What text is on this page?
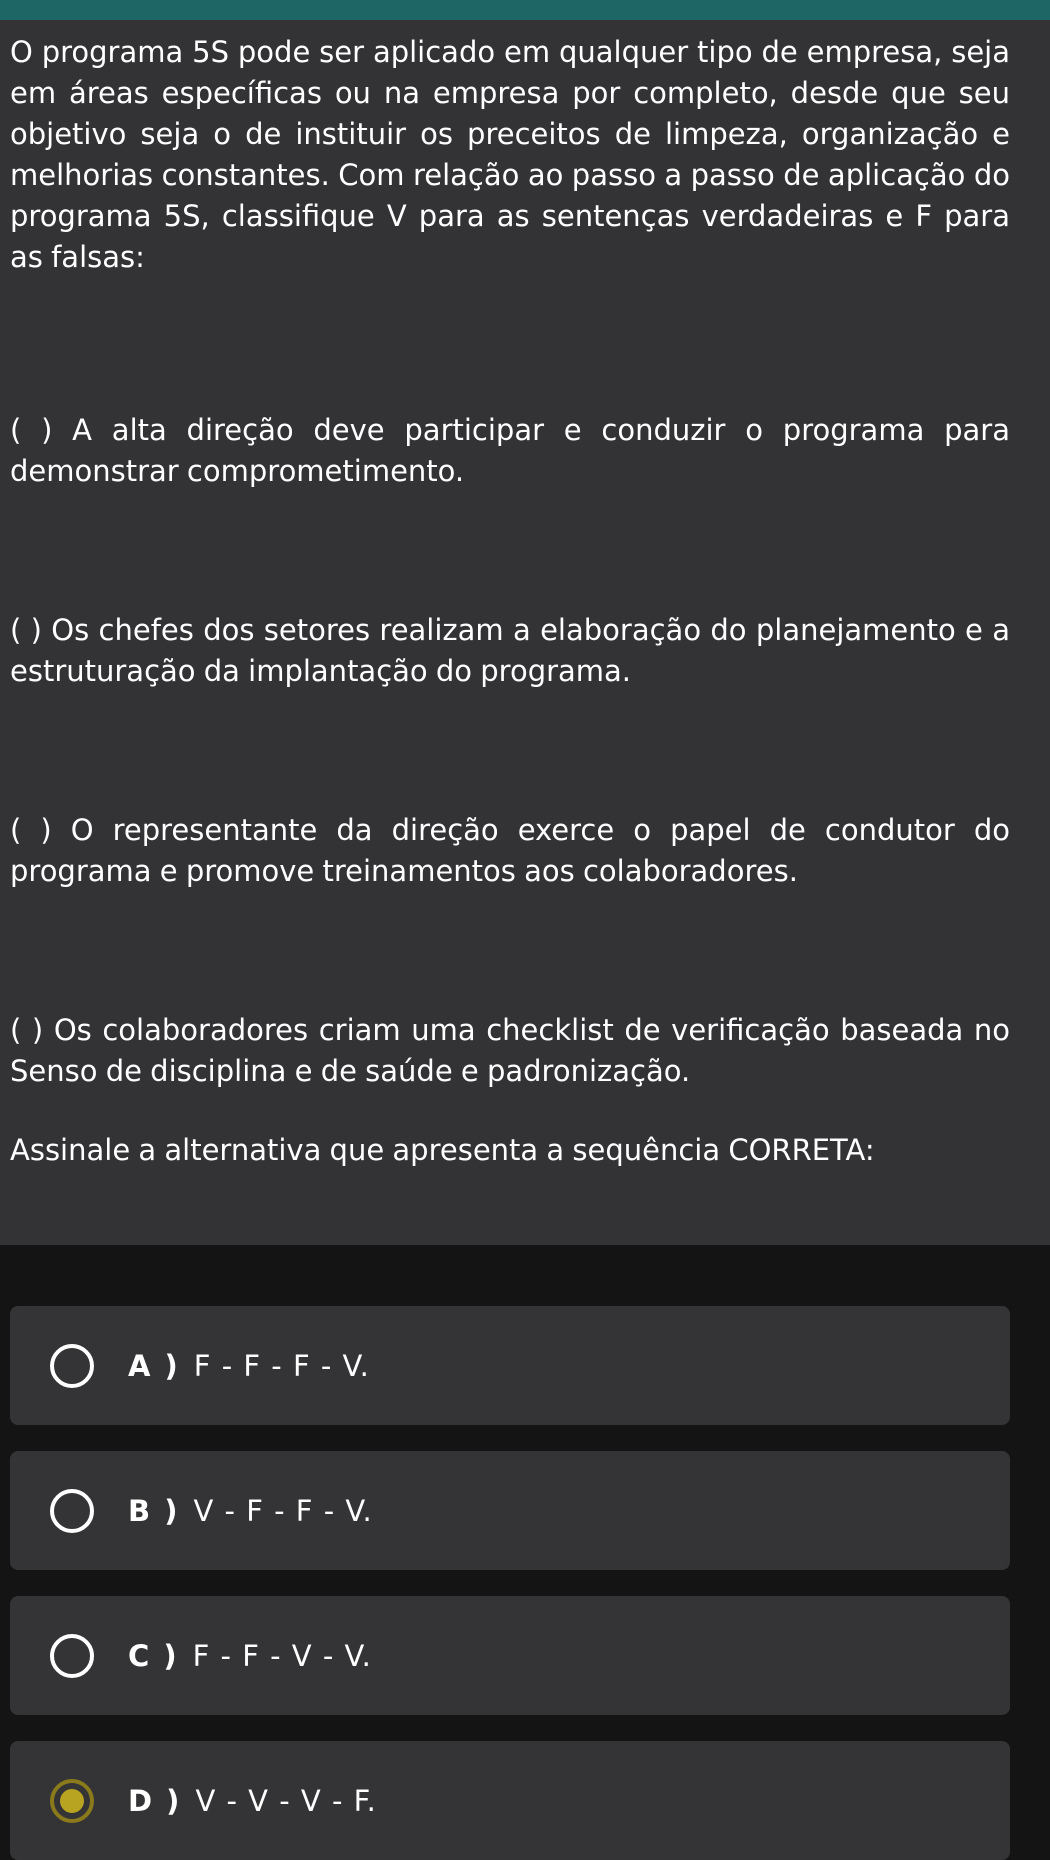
O programa 5S pode ser aplicado em qualquer tipo de empresa, seja em áreas específicas ou na empresa por completo, desde que seu objetivo seja o de instituir os preceitos de limpeza, organização e melhorias constantes. Com relação ao passo a passo de aplicação do programa 5S, classifique V para as sentenças verdadeiras e F para as falsas:

( ) A alta direção deve participar e conduzir o programa para demonstrar comprometimento.

( ) Os chefes dos setores realizam a elaboração do planejamento e a estruturação da implantação do programa.

( ) O representante da direção exerce o papel de condutor do programa e promove treinamentos aos colaboradores.

( ) Os colaboradores criam uma checklist de verificação baseada no Senso de disciplina e de saúde e padronização.

Assinale a alternativa que apresenta a sequência CORRETA:

A ) F - F - F - V.
B ) V - F - F - V.
C ) F - F - V - V.
D ) V - V - V - F.
